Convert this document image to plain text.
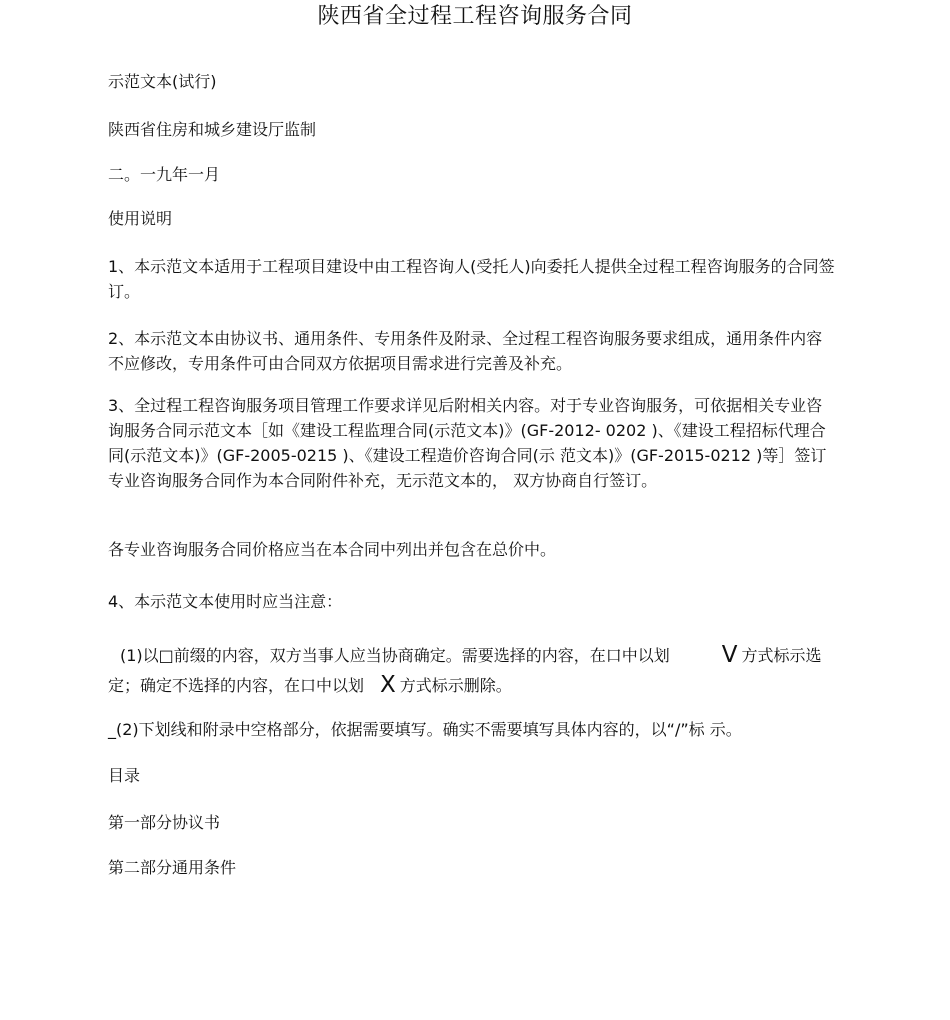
陕西省全过程工程咨询服务合同

示范文本(试行)

陕西省住房和城乡建设厅监制

二。一九年一月

使用说明

1、本示范文本适用于工程项目建设中由工程咨询人(受托人)向委托人提供全过程工程咨询服务的合同签订。

2、本示范文本由协议书、通用条件、专用条件及附录、全过程工程咨询服务要求组成，通用条件内容不应修改，专用条件可由合同双方依据项目需求进行完善及补充。

3、全过程工程咨询服务项目管理工作要求详见后附相关内容。对于专业咨询服务，可依据相关专业咨询服务合同示范文本［如《建设工程监理合同(示范文本)》(GF-2012- 0202 )、《建设工程招标代理合同(示范文本)》(GF-2005-0215 )、《建设工程造价咨询合同(示 范文本)》(GF-2015-0212 )等］签订专业咨询服务合同作为本合同附件补充，无示范文本的， 双方协商自行签订。

各专业咨询服务合同价格应当在本合同中列出并包含在总价中。

4、本示范文本使用时应当注意：

(1)以□前缀的内容，双方当事人应当协商确定。需要选择的内容，在口中以划 V 方式标示选定；确定不选择的内容，在口中以划 X 方式标示删除。

_(2)下划线和附录中空格部分，依据需要填写。确实不需要填写具体内容的，以“/”标 示。

目录

第一部分协议书

第二部分通用条件
